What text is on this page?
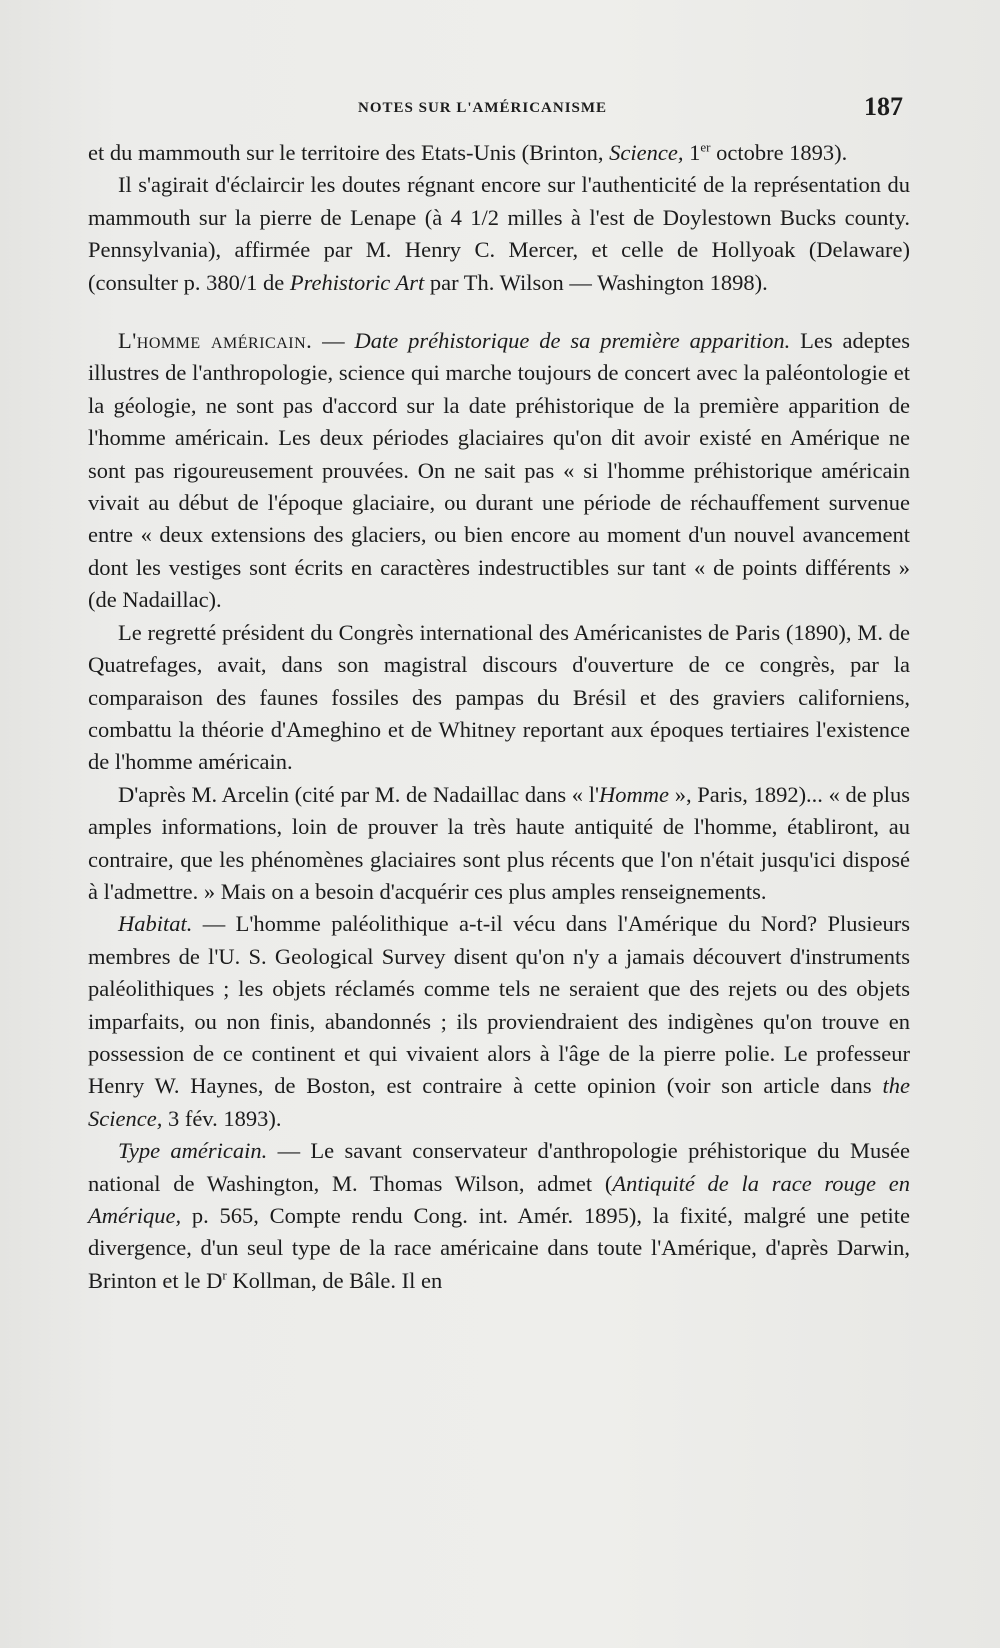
NOTES SUR L'AMÉRICANISME	187

et du mammouth sur le territoire des Etats-Unis (Brinton, Science, 1er octobre 1893).

Il s'agirait d'éclaircir les doutes régnant encore sur l'authenticité de la représentation du mammouth sur la pierre de Lenape (à 4 1/2 milles à l'est de Doylestown Bucks county. Pennsylvania), affirmée par M. Henry C. Mercer, et celle de Hollyoak (Delaware) (consulter p. 380/1 de Prehistoric Art par Th. Wilson — Washington 1898).

L'homme américain. — Date préhistorique de sa première apparition. Les adeptes illustres de l'anthropologie, science qui marche toujours de concert avec la paléontologie et la géologie, ne sont pas d'accord sur la date préhistorique de la première apparition de l'homme américain. Les deux périodes glaciaires qu'on dit avoir existé en Amérique ne sont pas rigoureusement prouvées. On ne sait pas « si l'homme préhistorique américain vivait au début de l'époque glaciaire, ou durant une période de réchauffement survenue entre « deux extensions des glaciers, ou bien encore au moment d'un nouvel avancement dont les vestiges sont écrits en caractères indestructibles sur tant « de points différents » (de Nadaillac).

Le regretté président du Congrès international des Américanistes de Paris (1890), M. de Quatrefages, avait, dans son magistral discours d'ouverture de ce congrès, par la comparaison des faunes fossiles des pampas du Brésil et des graviers californiens, combattu la théorie d'Ameghino et de Whitney reportant aux époques tertiaires l'existence de l'homme américain.

D'après M. Arcelin (cité par M. de Nadaillac dans « l'Homme », Paris, 1892)... « de plus amples informations, loin de prouver la très haute antiquité de l'homme, établiront, au contraire, que les phénomènes glaciaires sont plus récents que l'on n'était jusqu'ici disposé à l'admettre. » Mais on a besoin d'acquérir ces plus amples renseignements.

Habitat. — L'homme paléolithique a-t-il vécu dans l'Amérique du Nord? Plusieurs membres de l'U. S. Geological Survey disent qu'on n'y a jamais découvert d'instruments paléolithiques ; les objets réclamés comme tels ne seraient que des rejets ou des objets imparfaits, ou non finis, abandonnés ; ils proviendraient des indigènes qu'on trouve en possession de ce continent et qui vivaient alors à l'âge de la pierre polie. Le professeur Henry W. Haynes, de Boston, est contraire à cette opinion (voir son article dans the Science, 3 fév. 1893).

Type américain. — Le savant conservateur d'anthropologie préhistorique du Musée national de Washington, M. Thomas Wilson, admet (Antiquité de la race rouge en Amérique, p. 565, Compte rendu Cong. int. Amér. 1895), la fixité, malgré une petite divergence, d'un seul type de la race américaine dans toute l'Amérique, d'après Darwin, Brinton et le $D^r$ Kollman, de Bâle. Il en
